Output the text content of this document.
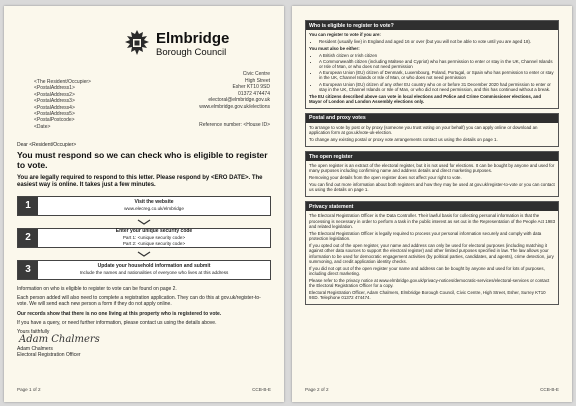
Elmbridge
Borough Council
Civic Centre
High Street
Esher KT10 9SD
01372 474474
electoral@elmbridge.gov.uk
www.elmbridge.gov.uk/elections
<The Resident/Occupier>
<PostalAddress1>
<PostalAddress2>
<PostalAddress3>
<PostalAddress4>
<PostalAddress5>
<PostalPostcode>
<Date>	Reference number: <House ID>
Dear <Resident/Occupier>
You must respond so we can check who is eligible to register to vote.
You are legally required to respond to this letter. Please respond by <ERO DATE>. The easiest way is online. It takes just a few minutes.
1	Visit the website
www.elecreg.co.uk/elmbridge
2
Enter your unique security code
Part 1: <unique security code>
Part 2: <unique security code>
3	Update your household information and submit
Include the names and nationalities of everyone who lives at this address
Information on who is eligible to register to vote can be found on page 2.
Each person added will also need to complete a registration application. They can do this at gov.uk/register-to-vote. We will send each new person a form if they do not apply online.
Our records show that there is no one living at this property who is registered to vote.
If you have a query, or need further information, please contact us using the details above.
Yours faithfully
Adam Chalmers
Adam Chalmers
Electoral Registration Officer
Page 1 of 2	CCB-B-E
Who is eligible to register to vote?

You can register to vote if you are:

• Resident (usually live) in England and aged 16 or over (but you will not be able to vote until you are aged 18).

You must also be either:

• A British citizen or Irish citizen
• A Commonwealth citizen (including Maltese and Cypriot) who has permission to enter or stay in the UK, Channel Islands or Isle of Man, or who does not need permission
• A European Union (EU) citizen of Denmark, Luxembourg, Poland, Portugal, or Spain who has permission to enter or stay in the UK, Channel Islands or Isle of Man, or who does not need permission
• A European Union (EU) citizen of any other EU country who on or before 31 December 2020 had permission to enter or stay in the UK, Channel Islands or Isle of Man, or who did not need permission, and this has continued without a break.

The EU citizens described above can vote in local elections and Police and Crime Commissioner elections, and Mayor of London and London Assembly elections only.

Postal and proxy votes

To arrange to vote by post or by proxy (someone you trust voting on your behalf) you can apply online or download an application form at gov.uk/vote-uk-election.

To change any existing postal or proxy vote arrangements contact us using the details on page 1.

The open register

The open register is an extract of the electoral register, but it is not used for elections. It can be bought by anyone and used for many purposes including confirming name and address details and direct marketing purposes.

Removing your details from the open register does not affect your right to vote.

You can find out more information about both registers and how they may be used at gov.uk/register-to-vote or you can contact us using the details on page 1.

Privacy statement

The Electoral Registration Officer is the Data Controller. Their lawful basis for collecting personal information is that the processing is necessary in order to perform a task in the public interest as set out in the Representation of the People Act 1983 and related legislation.

The Electoral Registration Officer is legally required to process your personal information securely and comply with data protection legislation.

If you opted out of the open register, your name and address can only be used for electoral purposes (including matching it against other data sources to support the electoral register) and other limited purposes specified in law. The law allows your information to be used for democratic engagement activities (by political parties, candidates, and agents), crime detection, jury summoning, and credit application identity checks.

If you did not opt out of the open register your name and address can be bought by anyone and used for lots of purposes, including direct marketing.

Please refer to the privacy notice at www.elmbridge.gov.uk/privacy-notices/democratic-services/electoral-services or contact the Electoral Registration Officer for a copy.

Electoral Registration Officer, Adam Chalmers, Elmbridge Borough Council, Civic Centre, High Street, Esher, Surrey KT10 9SD. Telephone 01372 474474.

Page 2 of 2	CCB-B-E
